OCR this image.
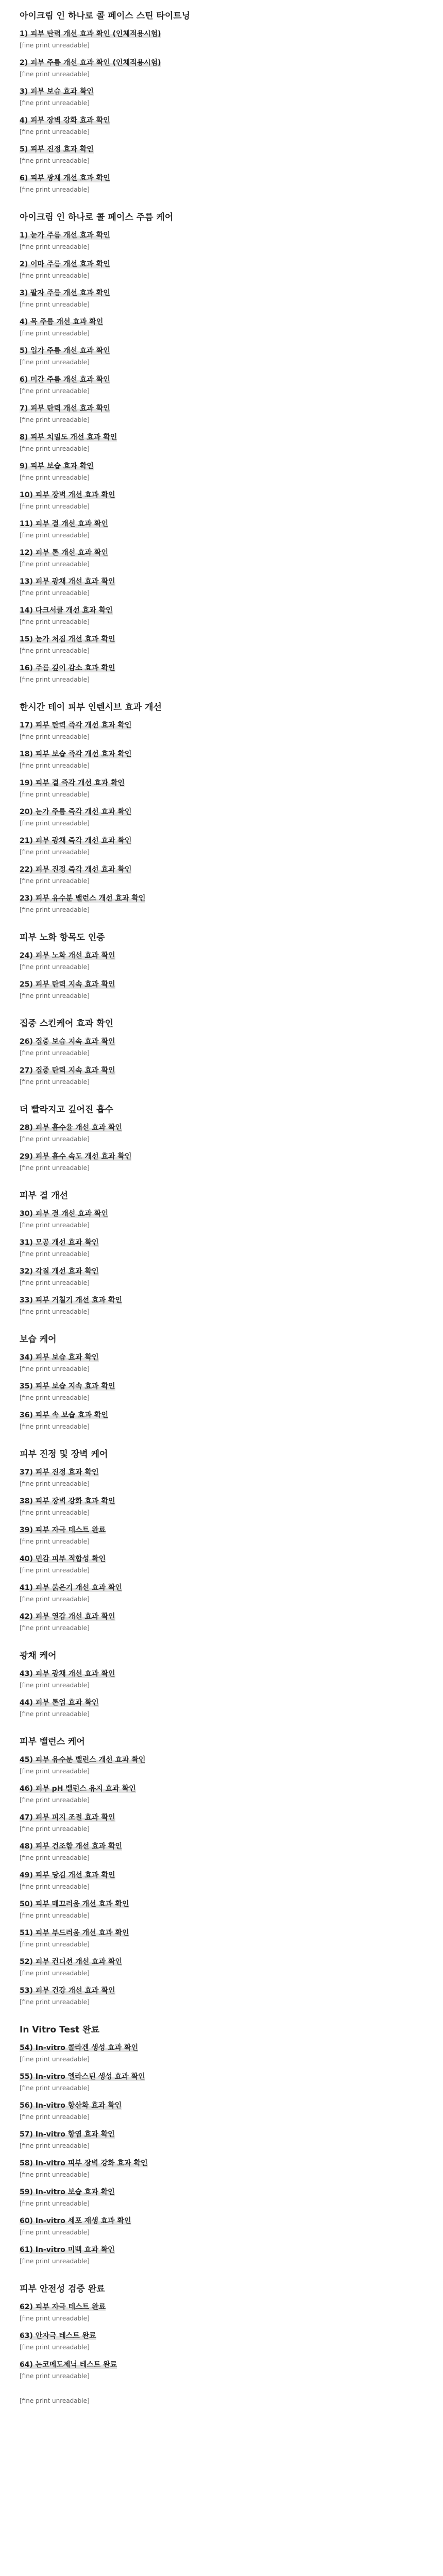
아이크림 인 하나로 콜 페이스 스틴 타이트닝
1) 피부 탄력 개선 효과 확인 (인체적용시험)
[fine print unreadable]
2) 피부 주름 개선 효과 확인 (인체적용시험)
[fine print unreadable]
3) 피부 보습 효과 확인
[fine print unreadable]
4) 피부 장벽 강화 효과 확인
[fine print unreadable]
5) 피부 진정 효과 확인
[fine print unreadable]
6) 피부 광채 개선 효과 확인
[fine print unreadable]
아이크림 인 하나로 콜 페이스 주름 케어
1) 눈가 주름 개선 효과 확인
[fine print unreadable]
2) 이마 주름 개선 효과 확인
[fine print unreadable]
3) 팔자 주름 개선 효과 확인
[fine print unreadable]
4) 목 주름 개선 효과 확인
[fine print unreadable]
5) 입가 주름 개선 효과 확인
[fine print unreadable]
6) 미간 주름 개선 효과 확인
[fine print unreadable]
7) 피부 탄력 개선 효과 확인
[fine print unreadable]
8) 피부 치밀도 개선 효과 확인
[fine print unreadable]
9) 피부 보습 효과 확인
[fine print unreadable]
10) 피부 장벽 개선 효과 확인
[fine print unreadable]
11) 피부 결 개선 효과 확인
[fine print unreadable]
12) 피부 톤 개선 효과 확인
[fine print unreadable]
13) 피부 광채 개선 효과 확인
[fine print unreadable]
14) 다크서클 개선 효과 확인
[fine print unreadable]
15) 눈가 처짐 개선 효과 확인
[fine print unreadable]
16) 주름 깊이 감소 효과 확인
[fine print unreadable]
한시간 테이 피부 인텐시브 효과 개선
17) 피부 탄력 즉각 개선 효과 확인
[fine print unreadable]
18) 피부 보습 즉각 개선 효과 확인
[fine print unreadable]
19) 피부 결 즉각 개선 효과 확인
[fine print unreadable]
20) 눈가 주름 즉각 개선 효과 확인
[fine print unreadable]
21) 피부 광채 즉각 개선 효과 확인
[fine print unreadable]
22) 피부 진정 즉각 개선 효과 확인
[fine print unreadable]
23) 피부 유수분 밸런스 개선 효과 확인
[fine print unreadable]
피부 노화 항목도 인증
24) 피부 노화 개선 효과 확인
[fine print unreadable]
25) 피부 탄력 지속 효과 확인
[fine print unreadable]
집중 스킨케어 효과 확인
26) 집중 보습 지속 효과 확인
[fine print unreadable]
27) 집중 탄력 지속 효과 확인
[fine print unreadable]
더 빨라지고 깊어진 흡수
28) 피부 흡수율 개선 효과 확인
[fine print unreadable]
29) 피부 흡수 속도 개선 효과 확인
[fine print unreadable]
피부 결 개선
30) 피부 결 개선 효과 확인
[fine print unreadable]
31) 모공 개선 효과 확인
[fine print unreadable]
32) 각질 개선 효과 확인
[fine print unreadable]
33) 피부 거칠기 개선 효과 확인
[fine print unreadable]
보습 케어
34) 피부 보습 효과 확인
[fine print unreadable]
35) 피부 보습 지속 효과 확인
[fine print unreadable]
36) 피부 속 보습 효과 확인
[fine print unreadable]
피부 진정 및 장벽 케어
37) 피부 진정 효과 확인
[fine print unreadable]
38) 피부 장벽 강화 효과 확인
[fine print unreadable]
39) 피부 자극 테스트 완료
[fine print unreadable]
40) 민감 피부 적합성 확인
[fine print unreadable]
41) 피부 붉은기 개선 효과 확인
[fine print unreadable]
42) 피부 열감 개선 효과 확인
[fine print unreadable]
광채 케어
43) 피부 광채 개선 효과 확인
[fine print unreadable]
44) 피부 톤업 효과 확인
[fine print unreadable]
피부 밸런스 케어
45) 피부 유수분 밸런스 개선 효과 확인
[fine print unreadable]
46) 피부 pH 밸런스 유지 효과 확인
[fine print unreadable]
47) 피부 피지 조절 효과 확인
[fine print unreadable]
48) 피부 건조함 개선 효과 확인
[fine print unreadable]
49) 피부 당김 개선 효과 확인
[fine print unreadable]
50) 피부 매끄러움 개선 효과 확인
[fine print unreadable]
51) 피부 부드러움 개선 효과 확인
[fine print unreadable]
52) 피부 컨디션 개선 효과 확인
[fine print unreadable]
53) 피부 건강 개선 효과 확인
[fine print unreadable]
In Vitro Test 완료
54) In-vitro 콜라겐 생성 효과 확인
[fine print unreadable]
55) In-vitro 엘라스틴 생성 효과 확인
[fine print unreadable]
56) In-vitro 항산화 효과 확인
[fine print unreadable]
57) In-vitro 항염 효과 확인
[fine print unreadable]
58) In-vitro 피부 장벽 강화 효과 확인
[fine print unreadable]
59) In-vitro 보습 효과 확인
[fine print unreadable]
60) In-vitro 세포 재생 효과 확인
[fine print unreadable]
61) In-vitro 미백 효과 확인
[fine print unreadable]
피부 안전성 검증 완료
62) 피부 자극 테스트 완료
[fine print unreadable]
63) 안자극 테스트 완료
[fine print unreadable]
64) 논코메도제닉 테스트 완료
[fine print unreadable]
[fine print unreadable]
